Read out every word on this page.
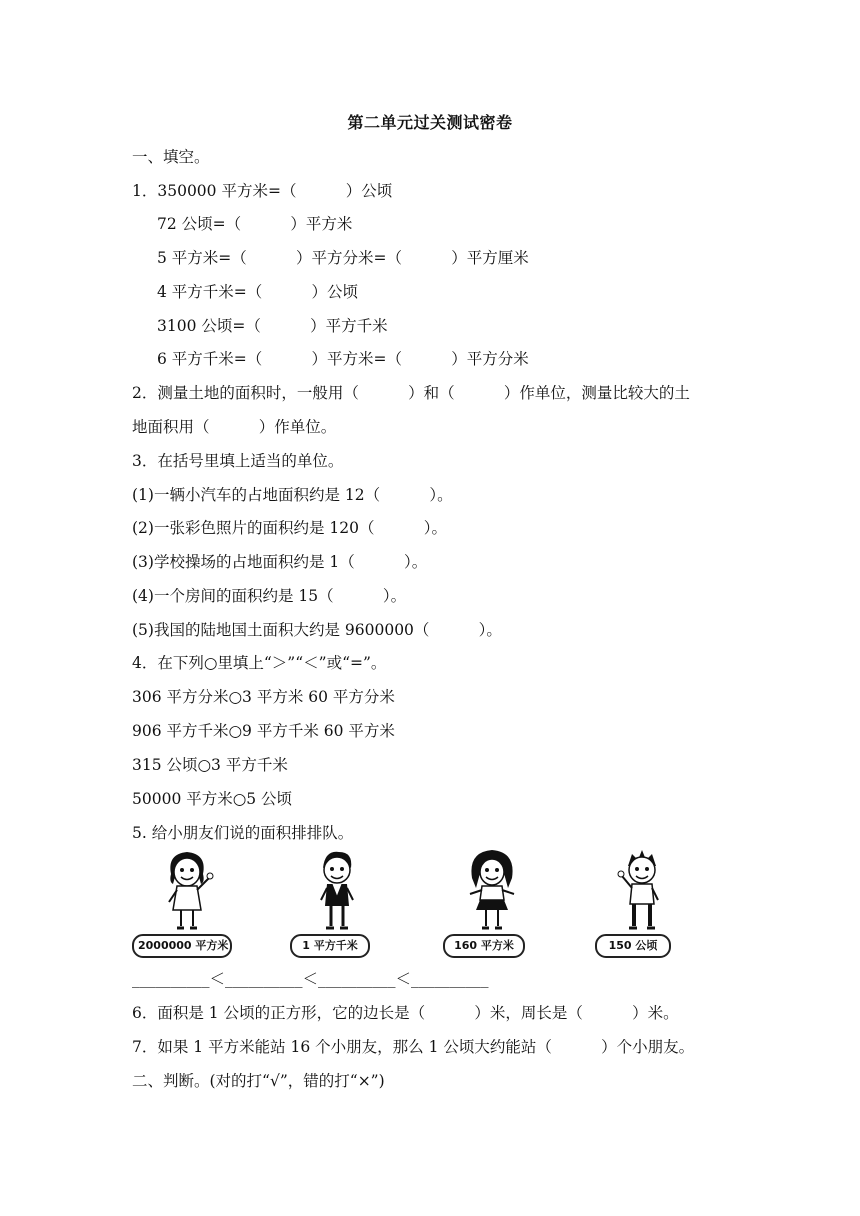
第二单元过关测试密卷
一、填空。
1．350000 平方米=（          ）公顷
72 公顷=（          ）平方米
5 平方米=（          ）平方分米=（          ）平方厘米
4 平方千米=（          ）公顷
3100 公顷=（          ）平方千米
6 平方千米=（          ）平方米=（          ）平方分米
2．测量土地的面积时，一般用（          ）和（          ）作单位，测量比较大的土
地面积用（          ）作单位。
3．在括号里填上适当的单位。
(1)一辆小汽车的占地面积约是 12（          ）。
(2)一张彩色照片的面积约是 120（          ）。
(3)学校操场的占地面积约是 1（          ）。
(4)一个房间的面积约是 15（          ）。
(5)我国的陆地国土面积大约是 9600000（          ）。
4．在下列○里填上“＞”“＜”或“=”。
306 平方分米○3 平方米 60 平方分米
906 平方千米○9 平方千米 60 平方米
315 公顷○3 平方千米
50000 平方米○5 公顷
5. 给小朋友们说的面积排排队。
2000000 平方米	1 平方千米	160 平方米	150 公顷
__________＜__________＜__________＜__________
6．面积是 1 公顷的正方形，它的边长是（          ）米，周长是（          ）米。
7．如果 1 平方米能站 16 个小朋友，那么 1 公顷大约能站（          ）个小朋友。
二、判断。(对的打“√”，错的打“×”)
